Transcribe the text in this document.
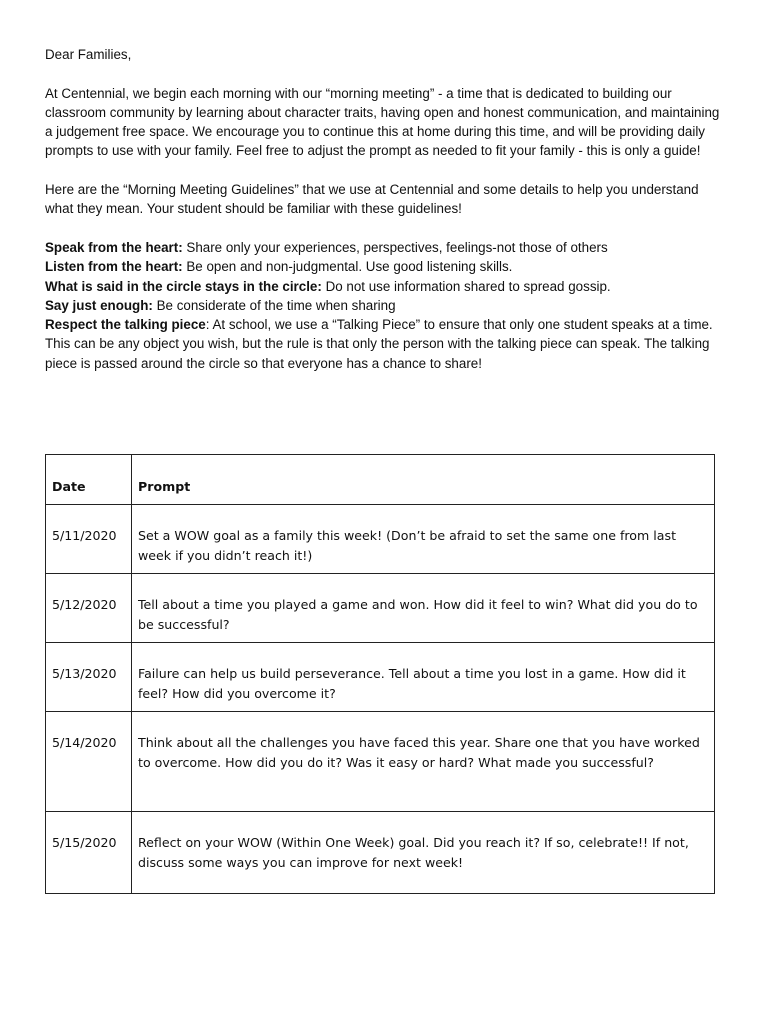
Dear Families,

At Centennial, we begin each morning with our “morning meeting” - a time that is dedicated to building our classroom community by learning about character traits, having open and honest communication, and maintaining a judgement free space. We encourage you to continue this at home during this time, and will be providing daily prompts to use with your family. Feel free to adjust the prompt as needed to fit your family - this is only a guide!

Here are the “Morning Meeting Guidelines” that we use at Centennial and some details to help you understand what they mean. Your student should be familiar with these guidelines!

Speak from the heart: Share only your experiences, perspectives, feelings-not those of others

Listen from the heart: Be open and non-judgmental. Use good listening skills.

What is said in the circle stays in the circle: Do not use information shared to spread gossip.

Say just enough: Be considerate of the time when sharing

Respect the talking piece: At school, we use a “Talking Piece” to ensure that only one student speaks at a time. This can be any object you wish, but the rule is that only the person with the talking piece can speak. The talking piece is passed around the circle so that everyone has a chance to share!

Date	Prompt
5/11/2020	Set a WOW goal as a family this week! (Don’t be afraid to set the same one from last week if you didn’t reach it!)
5/12/2020	Tell about a time you played a game and won. How did it feel to win? What did you do to be successful?
5/13/2020	Failure can help us build perseverance. Tell about a time you lost in a game. How did it feel? How did you overcome it?
5/14/2020	Think about all the challenges you have faced this year. Share one that you have worked to overcome. How did you do it? Was it easy or hard? What made you successful?
5/15/2020	Reflect on your WOW (Within One Week) goal. Did you reach it? If so, celebrate!! If not, discuss some ways you can improve for next week!
